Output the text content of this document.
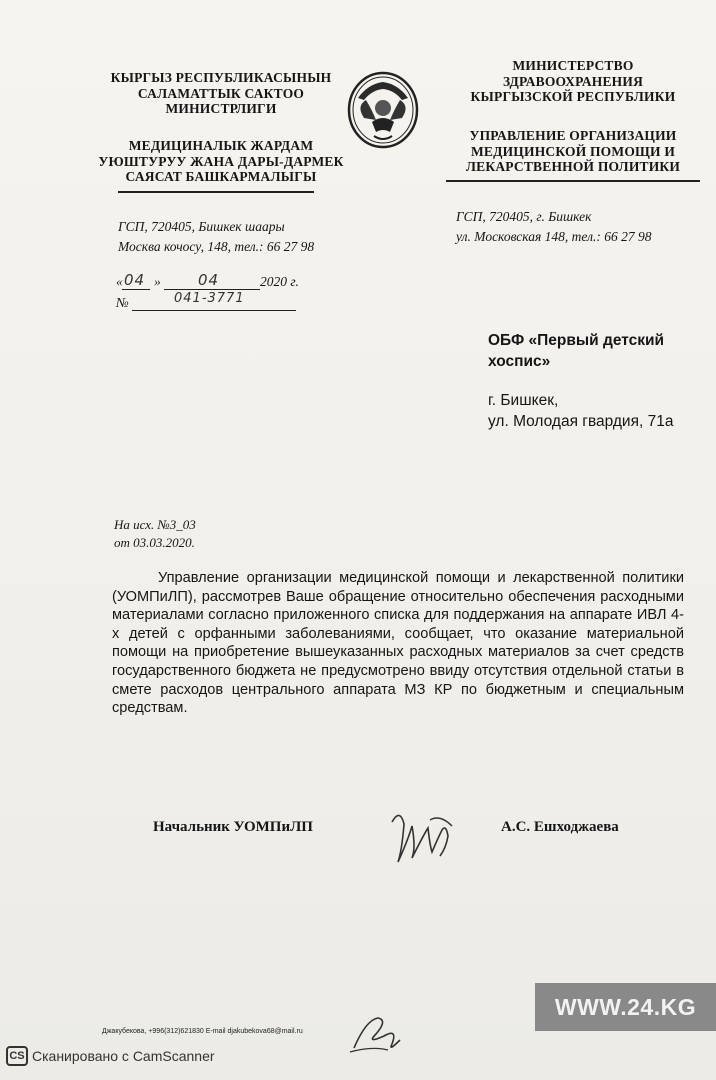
КЫРГЫЗ РЕСПУБЛИКАСЫНЫН
САЛАМАТТЫК САКТОО
МИНИСТРЛИГИ
МЕДИЦИНАЛЫК ЖАРДАМ
УЮШТУРУУ ЖАНА ДАРЫ-ДАРМЕК
САЯСАТ БАШКАРМАЛЫГЫ
ГСП, 720405, Бишкек шаары
Москва кочосу, 148, тел.: 66 27 98
МИНИСТЕРСТВО
ЗДРАВООХРАНЕНИЯ
КЫРГЫЗСКОЙ РЕСПУБЛИКИ
УПРАВЛЕНИЕ ОРГАНИЗАЦИИ
МЕДИЦИНСКОЙ ПОМОЩИ И
ЛЕКАРСТВЕННОЙ ПОЛИТИКИ
ГСП, 720405, г. Бишкек
ул. Московская 148, тел.: 66 27 98
« 04 » 04	2020 г.
№	041-3771
ОБФ «Первый детский
хоспис»
г. Бишкек,
ул. Молодая гвардия, 71а
На исх. №3_03
от 03.03.2020.
Управление организации медицинской помощи и лекарственной политики (УОМПиЛП), рассмотрев Ваше обращение относительно обеспечения расходными материалами согласно приложенного списка для поддержания на аппарате ИВЛ 4-х детей с орфанными заболеваниями, сообщает, что оказание материальной помощи на приобретение вышеуказанных расходных материалов за счет средств государственного бюджета не предусмотрено ввиду отсутствия отдельной статьи в смете расходов центрального аппарата МЗ КР по бюджетным и специальным средствам.
Начальник УОМПиЛП	А.С. Ешходжаева
Джакубекова, +996(312)621830 E-mail djakubekova68@mail.ru
WWW.24.KG
CS Сканировано с CamScanner
